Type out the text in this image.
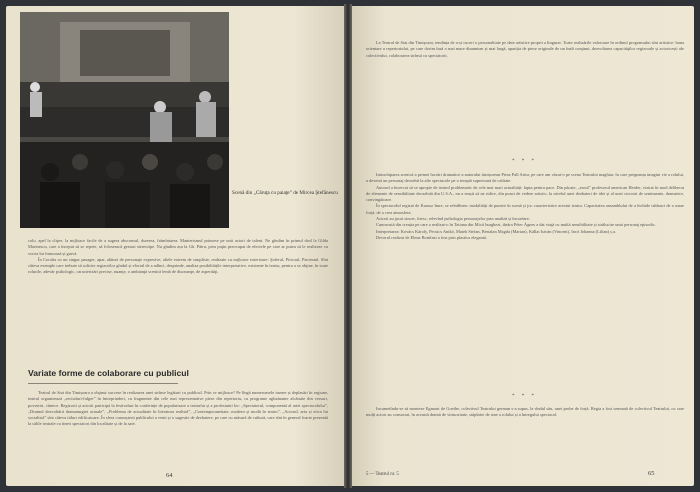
Scenă din „Căruţa cu paiaţe” de Mircea Ştefănescu

colo, apel la clişee, la mijloace facile de a sugera absconsul, durerea, frămîntarea. Manierismul prinsese pe unii actori de talent. Ne gîndim în primul rînd la Gilda Marinescu, care a început să se repete, să folosească gesturi stereotipe. Nu gîndim așa la Gh. Pătru, prea puţin preocupat de efectele pe care ar putea să le realizeze cu vocea lui frumoasă și gravă.

În Coralia cu un singur pasager, apar, alături de personaje expresive, altele extrem de simpliste, realizate cu mijloace exterioare: Şoferul, Pictorul, Pacientul. Sînt câteva exemple care trebuie să solicite regizorilor gîndul și efortul de a adînci, desprinde, analiza posibilitățile interpretative, existente în teatru, pentru a se obţine, în toate rolurile, adevăr psihologic, caracterizări precise, nuanţe, o ambianţă scenică lentă de disonanţe, de asperităţi.

Variate forme de colaborare cu publicul

Teatrul de Stat din Timișoara a obţinut succese în realizarea unei strînse legături cu publicul. Prin ce mijloace? Pe lîngă numeroasele turnee și deplasări în regiune, teatrul organizează „recitaluri-fulger” în întreprinderi, cu fragmente din cele mai reprezentative piese din repertoriu, cu programe aglutinante alcătuite din versuri, povestiri, cîntece. Regizorii și actorii participă la festivaluri în conferințe de popularizare a teatrului și a profesiunii lor: „Spectatorul, componentă al artei spectacolului”, „Drumul dezvoltării dramaturgiei actuale”, „Problema de actualitate în literatura realistă”, „Contemporaneitate, modern și modă în teatru”, „Actorul, arta și etica lui socialistă” sînt câteva titluri edificatoare. În sfera cunoașterii publicului a venit și o sugestie de dezbatere, pe care cu măsură de cultură, care sînt în general foarte prezentă la sălile teatrale cu tineri spectatori din localitate și de la sate.

64

La Teatrul de Stat din Timișoara, tendința de a-și cuceri o personalitate pe date artistice proprii a lingurat. Toate realizările valoroase în ordinul programului sînt artistice: buna orientare a repertoriului, pe care dorim însă o mai mare dinamism și mai largă, apariția de piese originale de un înalt conţinut, dezvoltarea capacităţilor regizorale și actoricești ale colectivului, colaborarea strînsă cu spectatorii.

* * *

Intruchiparea scenică a primei lucrări dramatice a autorului timișorean Piesz Pall Artur, pe care am văzut-o pe scena Teatrului maghiar, în care pregnanța imagini vie a rolului, a devenit un personaj deosebit la alte spectacole pe o treaptă superioară de calitate.

Autorul a încercat să se apropie de teatrul problematic de cele mai mari actualități: lupta pentru pace. Din păcate, „eroul” profesorul american Herder, vizitat în mod deliberat de elemente de sensibilitate deosebită din U.S.A., nu a reușit să ne ridice, din punct de vedere artistic, la nivelul unei dezbateri de idei și al unei ciocniri de sentimente, dramatice, convingătoare.

În spectacolul regizat de Krausz Imre, se reîntîlnesc modalități de punere în scenă și joc caracteristice acestui teatru. Capacitatea ansamblului de a închide tablouri de o mare forță, de a crea atmosfera.

Actorii au jucat sincer, firesc, relevînd psihologia personajelor prin analiză și încordare.

Cunoscută din creația pe care a realizat-o în Tatiana din Micii burghezi, tînăra Péter Ágnes a dat viaţă cu multă sensibilitate și strălucire unui personaj episodic.

Interpretarea: Kovács Károly, Pecsics Anikó, Matek Stefan, Bertalan Magda (Marian), Kállai István (Vincent), Incó Johanna (Lilian) ș.a.

Decorul realizat de Elena Bonifazi a fost prin plastica elegantă.

* * *

Incumetîndu-se să monteze Egmont de Goethe, colectivul Teatrului german s-a supus, la rîndul său, unei probe de forță. Regia a fost semnată de colectivul Teatrului, cu care mulți actori au consacrat, în această dramă de virtuozitate, stăpînire de sine a rolului și a întregului spectacol.

5 — Teatrul nr. 5	65
